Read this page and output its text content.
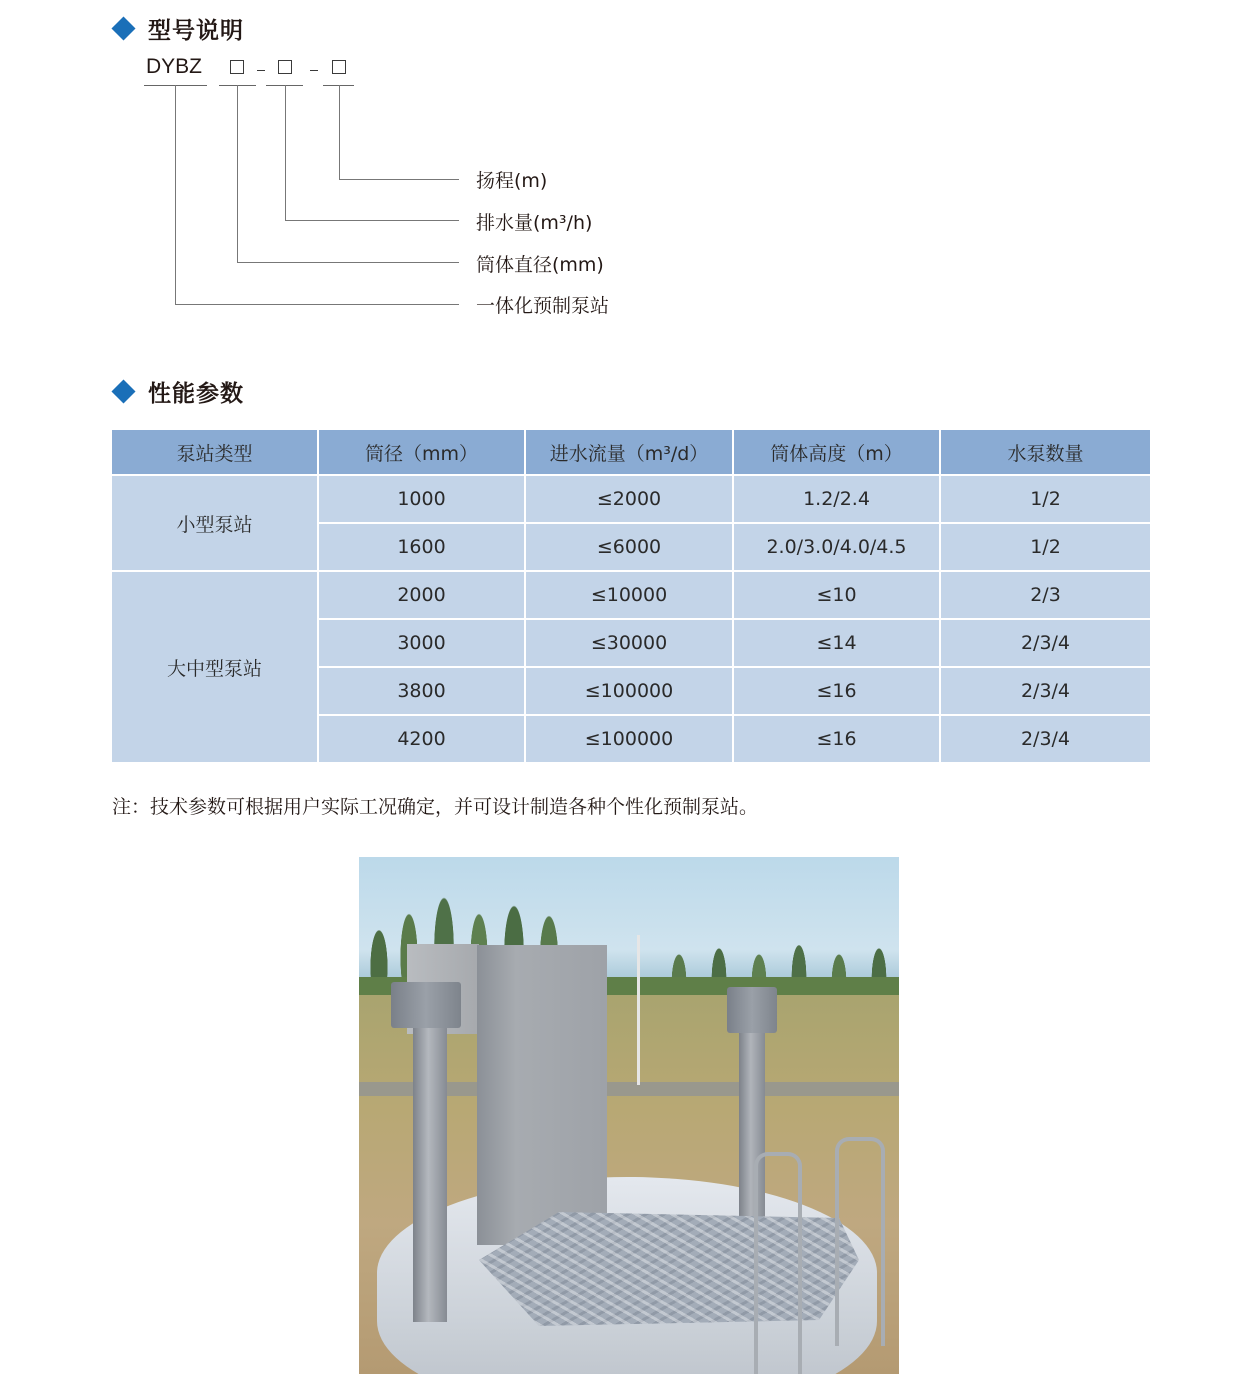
型号说明
DYBZ
扬程(m)
排水量(m³/h)
筒体直径(mm)
一体化预制泵站
性能参数
泵站类型	筒径（mm）	进水流量（m³/d）	筒体高度（m）	水泵数量
小型泵站	1000	≤2000	1.2/2.4	1/2
	1600	≤6000	2.0/3.0/4.0/4.5	1/2
大中型泵站	2000	≤10000	≤10	2/3
	3000	≤30000	≤14	2/3/4
	3800	≤100000	≤16	2/3/4
	4200	≤100000	≤16	2/3/4
注：技术参数可根据用户实际工况确定，并可设计制造各种个性化预制泵站。
